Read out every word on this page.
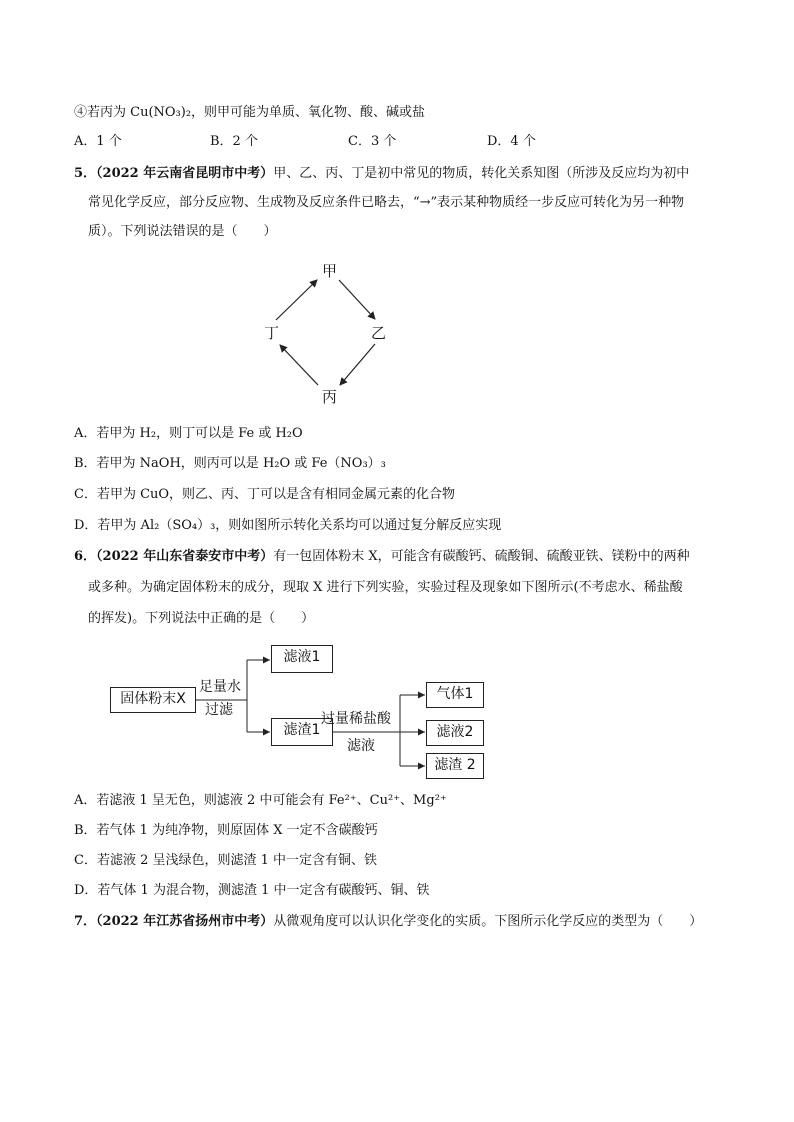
④若丙为 Cu(NO₃)₂，则甲可能为单质、氧化物、酸、碱或盐
A．1 个	B．2 个	C．3 个	D．4 个
5．（2022 年云南省昆明市中考）甲、乙、丙、丁是初中常见的物质，转化关系知图（所涉及反应均为初中
常见化学反应，部分反应物、生成物及反应条件已略去，“→”表示某种物质经一步反应可转化为另一种物
质）。下列说法错误的是（　　）
甲
乙
丙
丁
A．若甲为 H₂，则丁可以是 Fe 或 H₂O
B．若甲为 NaOH，则丙可以是 H₂O 或 Fe（NO₃）₃
C．若甲为 CuO，则乙、丙、丁可以是含有相同金属元素的化合物
D．若甲为 Al₂（SO₄）₃，则如图所示转化关系均可以通过复分解反应实现
6．（2022 年山东省泰安市中考）有一包固体粉末 X，可能含有碳酸钙、硫酸铜、硫酸亚铁、镁粉中的两种
或多种。为确定固体粉末的成分，现取 X 进行下列实验，实验过程及现象如下图所示(不考虑水、稀盐酸
的挥发)。下列说法中正确的是（　　）
固体粉末X
滤液1
滤渣1
气体1
滤液2
滤渣 2
足量水
过滤
过量稀盐酸
滤液
A．若滤液 1 呈无色，则滤液 2 中可能会有 Fe²⁺、Cu²⁺、Mg²⁺
B．若气体 1 为纯净物，则原固体 X 一定不含碳酸钙
C．若滤液 2 呈浅绿色，则滤渣 1 中一定含有铜、铁
D．若气体 1 为混合物，测滤渣 1 中一定含有碳酸钙、铜、铁
7．（2022 年江苏省扬州市中考）从微观角度可以认识化学变化的实质。下图所示化学反应的类型为（　　）
